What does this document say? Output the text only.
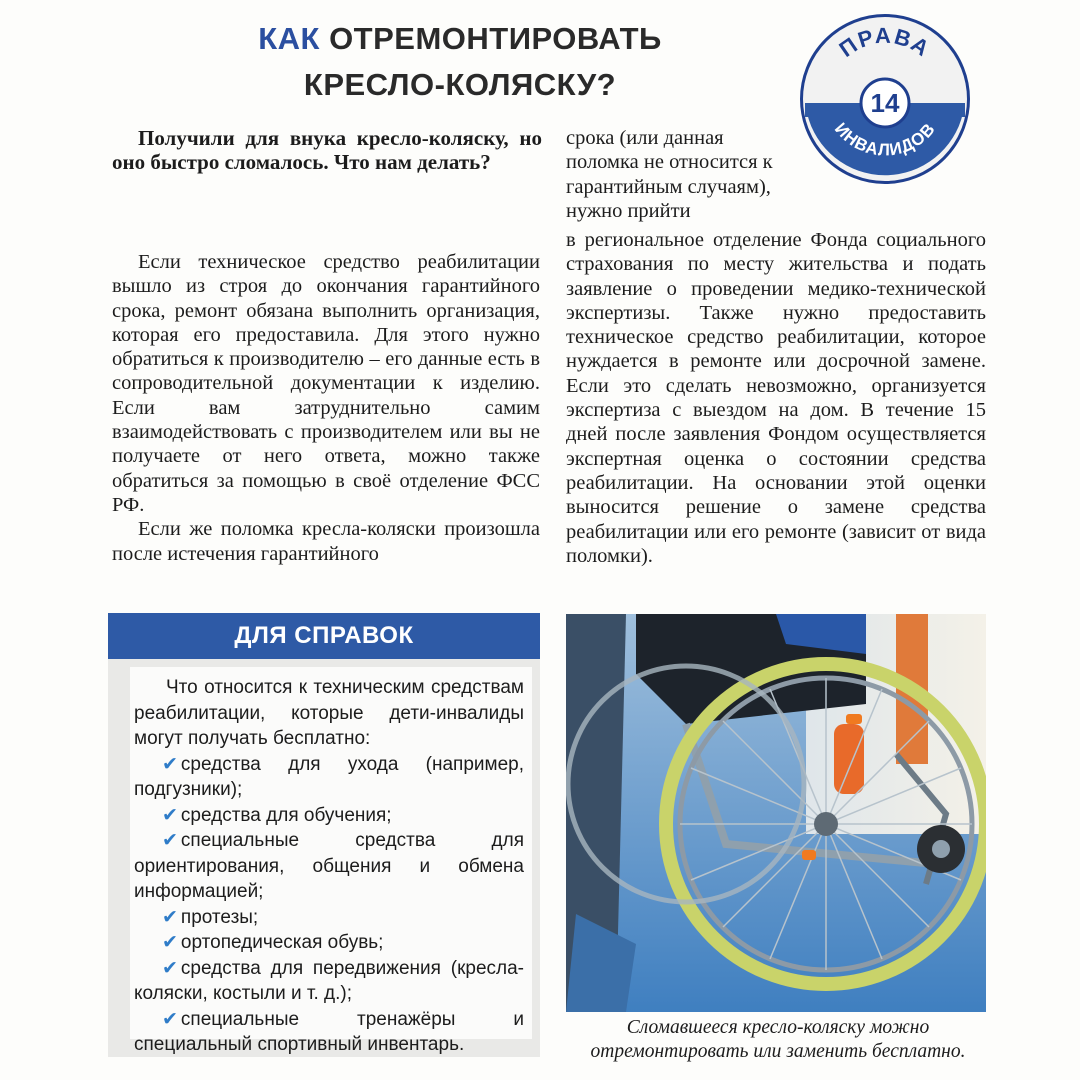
КАК ОТРЕМОНТИРОВАТЬ
КРЕСЛО-КОЛЯСКУ?
ПРАВА
14
ИНВАЛИДОВ
Получили для внука кресло-коляску, но оно быстро сломалось. Что нам делать?

Если техническое средство реабилитации вышло из строя до окончания гарантийного срока, ремонт обязана выполнить организация, которая его предоставила. Для этого нужно обратиться к производителю – его данные есть в сопроводительной документации к изделию. Если вам затруднительно самим взаимодействовать с производителем или вы не получаете от него ответа, можно также обратиться за помощью в своё отделение ФСС РФ.

Если же поломка кресла-коляски произошла после истечения гарантийного

срока (или данная поломка не относится к гарантийным случаям), нужно прийти

в региональное отделение Фонда социального страхования по месту жительства и подать заявление о проведении медико-технической экспертизы. Также нужно предоставить техническое средство реабилитации, которое нуждается в ремонте или досрочной замене. Если это сделать невозможно, организуется экспертиза с выездом на дом. В течение 15 дней после заявления Фондом осуществляется экспертная оценка о состоянии средства реабилитации. На основании этой оценки выносится решение о замене средства реабилитации или его ремонте (зависит от вида поломки).

ДЛЯ СПРАВОК

Что относится к техническим средствам реабилитации, которые дети-инвалиды могут получать бесплатно:

✔ средства для ухода (например, подгузники);
✔ средства для обучения;
✔ специальные средства для ориентирования, общения и обмена информацией;
✔ протезы;
✔ ортопедическая обувь;
✔ средства для передвижения (кресла-коляски, костыли и т. д.);
✔ специальные тренажёры и специальный спортивный инвентарь.
Сломавшееся кресло-коляску можно отремонтировать или заменить бесплатно.
